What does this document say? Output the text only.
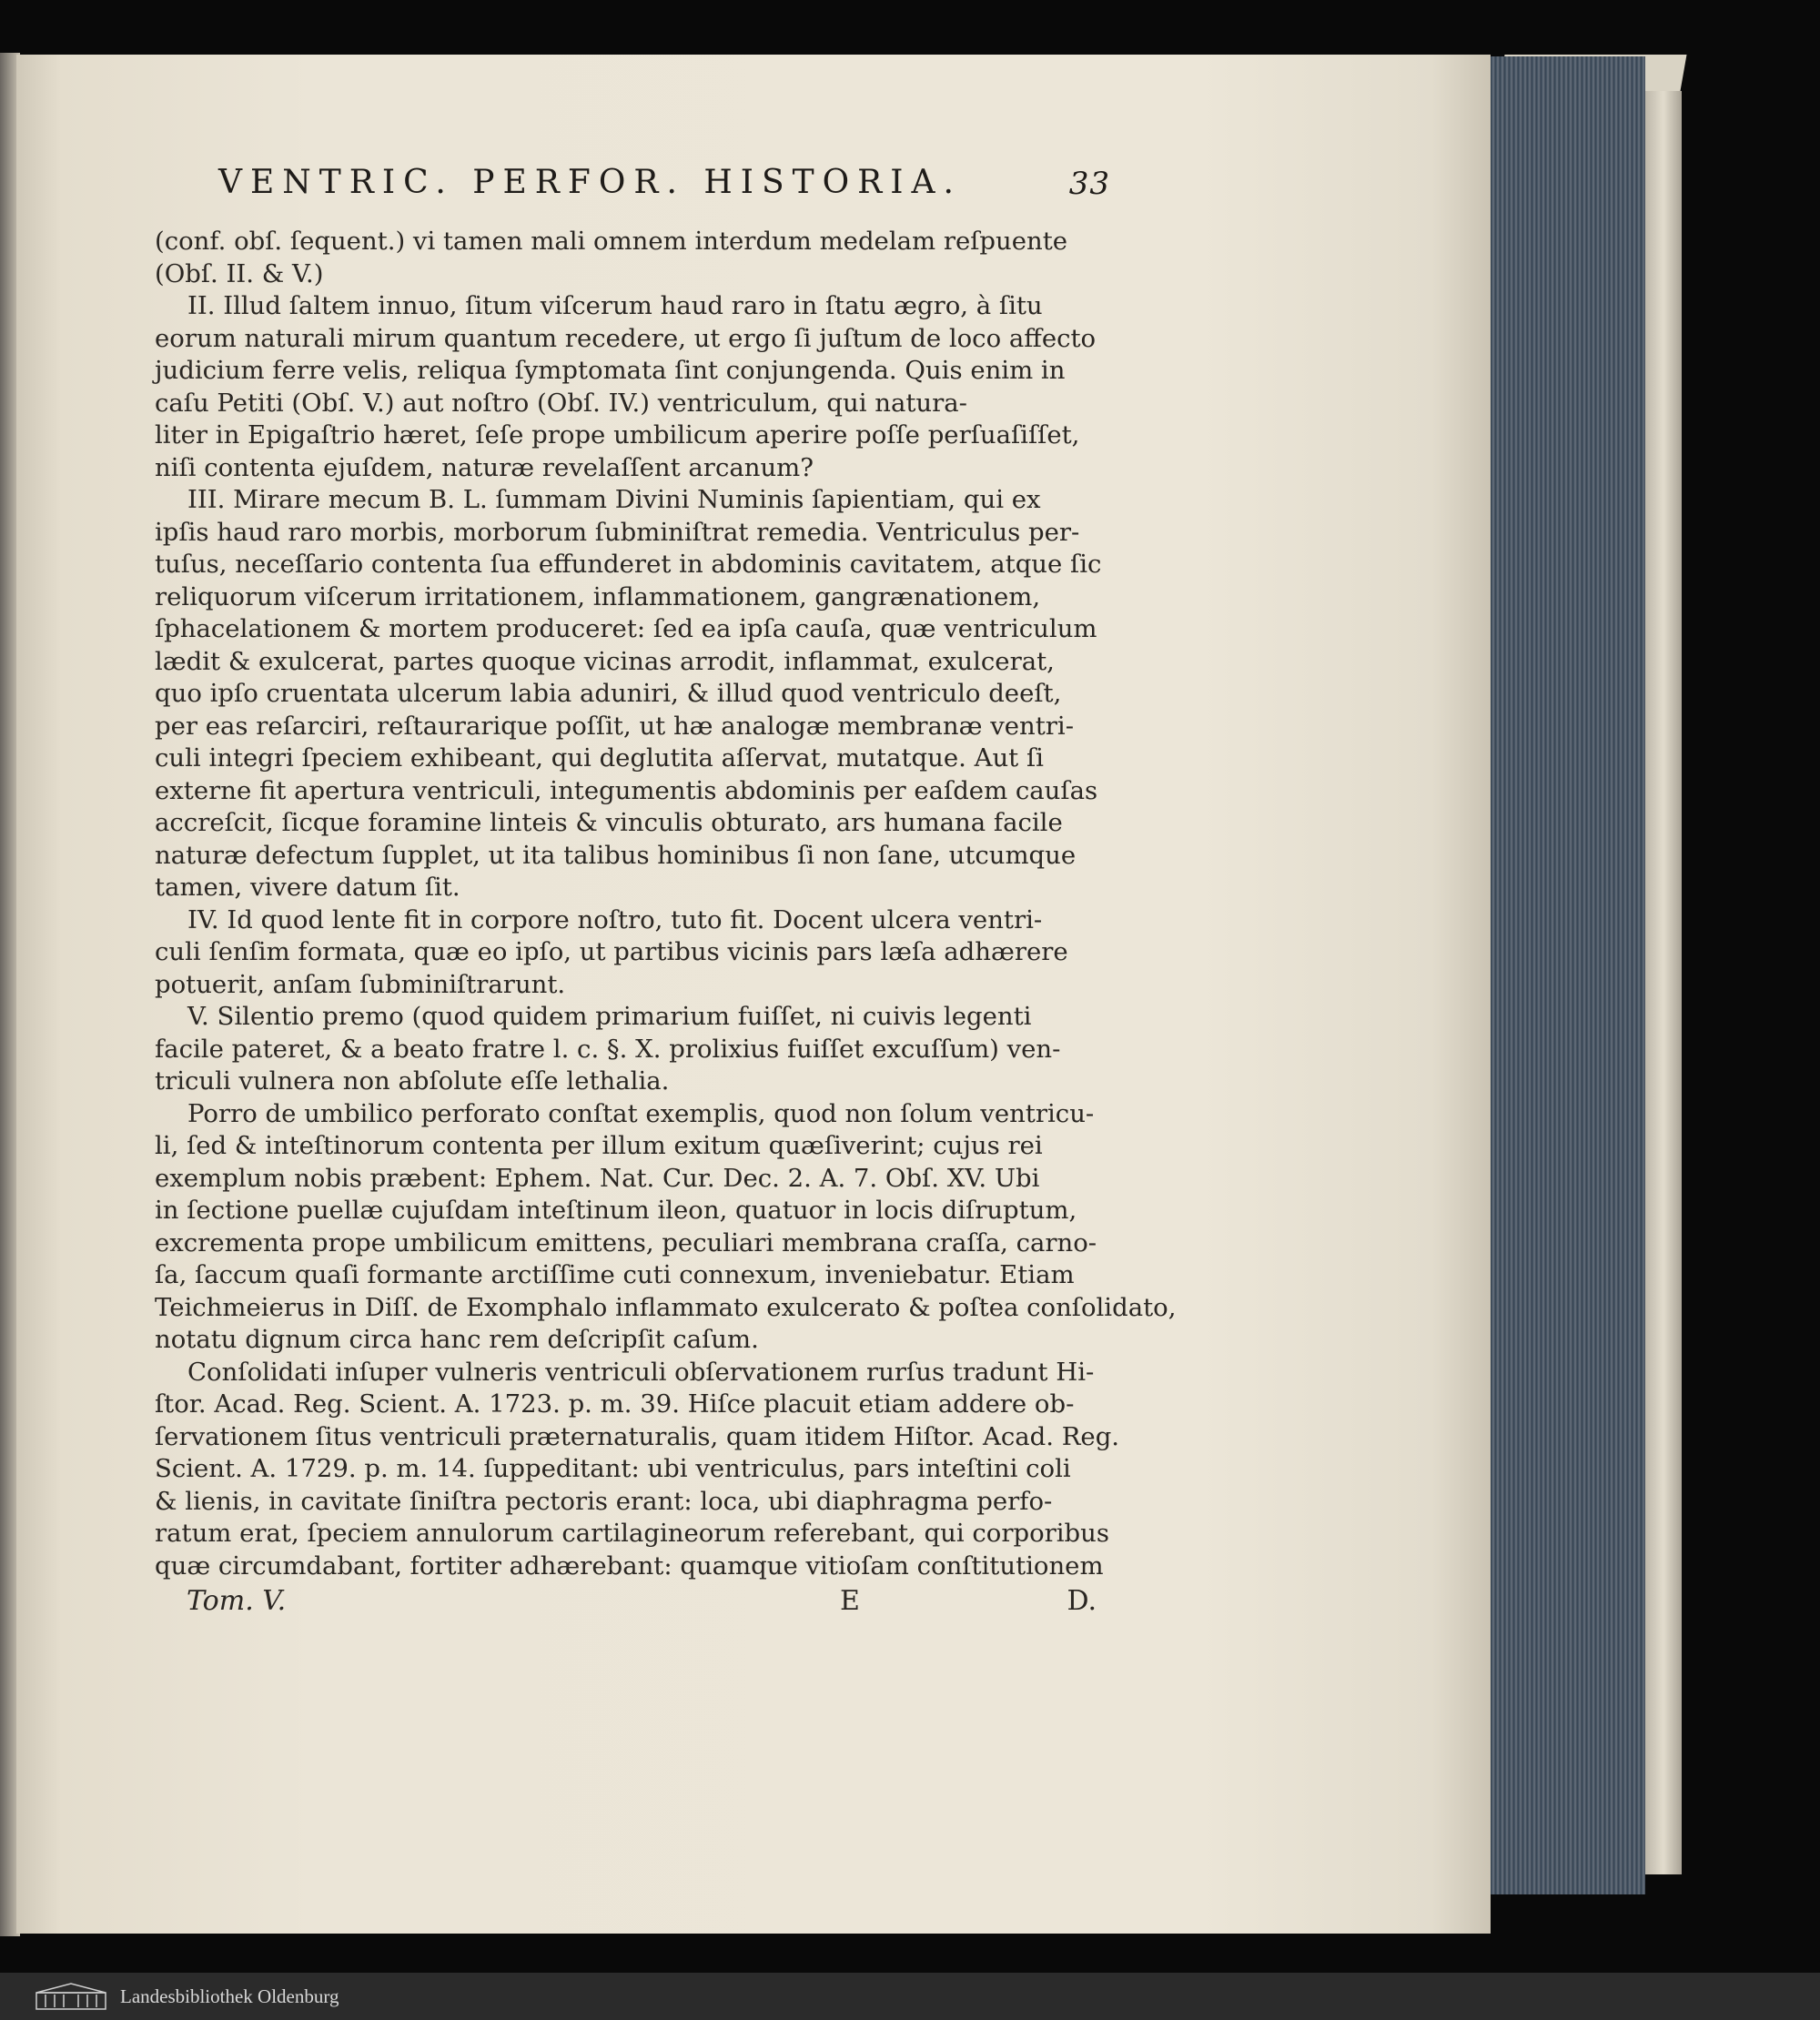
VENTRIC. PERFOR. HISTORIA.	33
(conf. obſ. ſequent.) vi tamen mali omnem interdum medelam reſpuente
(Obſ. II. & V.)
II. Illud ſaltem innuo, ſitum viſcerum haud raro in ſtatu ægro, à ſitu
eorum naturali mirum quantum recedere, ut ergo ſi juſtum de loco affecto
judicium ferre velis, reliqua ſymptomata ſint conjungenda. Quis enim in
caſu Petiti (Obſ. V.) aut noſtro (Obſ. IV.) ventriculum, qui natura-
liter in Epigaſtrio hæret, ſeſe prope umbilicum aperire poſſe perſuaſiſſet,
niſi contenta ejuſdem, naturæ revelaſſent arcanum?
III. Mirare mecum B. L. ſummam Divini Numinis ſapientiam, qui ex
ipſis haud raro morbis, morborum ſubminiſtrat remedia. Ventriculus per-
tuſus, neceſſario contenta ſua effunderet in abdominis cavitatem, atque ſic
reliquorum viſcerum irritationem, inflammationem, gangrænationem,
ſphacelationem & mortem produceret: ſed ea ipſa cauſa, quæ ventriculum
lædit & exulcerat, partes quoque vicinas arrodit, inflammat, exulcerat,
quo ipſo cruentata ulcerum labia aduniri, & illud quod ventriculo deeſt,
per eas reſarciri, reſtaurarique poſſit, ut hæ analogæ membranæ ventri-
culi integri ſpeciem exhibeant, qui deglutita aſſervat, mutatque. Aut ſi
externe fit apertura ventriculi, integumentis abdominis per eaſdem cauſas
accreſcit, ſicque foramine linteis & vinculis obturato, ars humana facile
naturæ defectum ſupplet, ut ita talibus hominibus ſi non ſane, utcumque
tamen, vivere datum ſit.
IV. Id quod lente fit in corpore noſtro, tuto fit. Docent ulcera ventri-
culi ſenſim formata, quæ eo ipſo, ut partibus vicinis pars læſa adhærere
potuerit, anſam ſubminiſtrarunt.
V. Silentio premo (quod quidem primarium fuiſſet, ni cuivis legenti
facile pateret, & a beato fratre l. c. §. X. prolixius fuiſſet excuſſum) ven-
triculi vulnera non abſolute eſſe lethalia.
Porro de umbilico perforato conſtat exemplis, quod non ſolum ventricu-
li, ſed & inteſtinorum contenta per illum exitum quæſiverint; cujus rei
exemplum nobis præbent: Ephem. Nat. Cur. Dec. 2. A. 7. Obſ. XV. Ubi
in ſectione puellæ cujuſdam inteſtinum ileon, quatuor in locis diſruptum,
excrementa prope umbilicum emittens, peculiari membrana craſſa, carno-
ſa, ſaccum quaſi formante arctiſſime cuti connexum, inveniebatur. Etiam
Teichmeierus in Diſſ. de Exomphalo inflammato exulcerato & poſtea conſolidato,
notatu dignum circa hanc rem deſcripſit caſum.
Conſolidati inſuper vulneris ventriculi obſervationem rurſus tradunt Hi-
ſtor. Acad. Reg. Scient. A. 1723. p. m. 39. Hiſce placuit etiam addere ob-
ſervationem ſitus ventriculi præternaturalis, quam itidem Hiſtor. Acad. Reg.
Scient. A. 1729. p. m. 14. ſuppeditant: ubi ventriculus, pars inteſtini coli
& lienis, in cavitate ſiniſtra pectoris erant: loca, ubi diaphragma perfo-
ratum erat, ſpeciem annulorum cartilagineorum referebant, qui corporibus
quæ circumdabant, fortiter adhærebant: quamque vitioſam conſtitutionem
Tom. V.	E	D.
Landesbibliothek Oldenburg
